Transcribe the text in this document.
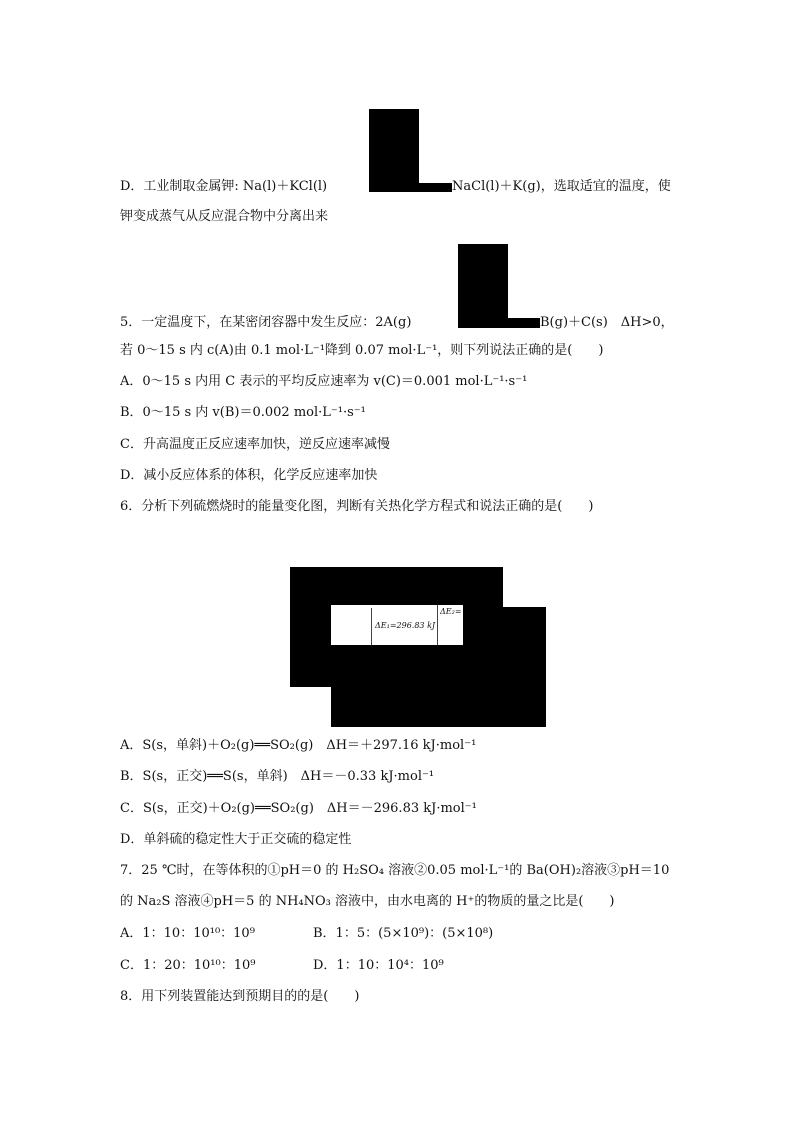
D．工业制取金属钾: Na(l)＋KCl(l)	NaCl(l)＋K(g)，选取适宜的温度，使
钾变成蒸气从反应混合物中分离出来
5．一定温度下，在某密闭容器中发生反应：2A(g)	B(g)＋C(s)　ΔH>0，
若 0～15 s 内 c(A)由 0.1 mol·L⁻¹降到 0.07 mol·L⁻¹，则下列说法正确的是(　　)
A．0～15 s 内用 C 表示的平均反应速率为 v(C)＝0.001 mol·L⁻¹·s⁻¹
B．0～15 s 内 v(B)＝0.002 mol·L⁻¹·s⁻¹
C．升高温度正反应速率加快，逆反应速率减慢
D．减小反应体系的体积，化学反应速率加快
6．分析下列硫燃烧时的能量变化图，判断有关热化学方程式和说法正确的是(　　)
ΔE₁=296.83 kJ
ΔE₂=
A．S(s，单斜)＋O₂(g)══SO₂(g)　ΔH＝＋297.16 kJ·mol⁻¹
B．S(s，正交)══S(s，单斜)　ΔH＝－0.33 kJ·mol⁻¹
C．S(s，正交)＋O₂(g)══SO₂(g)　ΔH＝－296.83 kJ·mol⁻¹
D．单斜硫的稳定性大于正交硫的稳定性
7．25 ℃时，在等体积的①pH＝0 的 H₂SO₄ 溶液②0.05 mol·L⁻¹的 Ba(OH)₂溶液③pH＝10
的 Na₂S 溶液④pH＝5 的 NH₄NO₃ 溶液中，由水电离的 H⁺的物质的量之比是(　　)
A．1：10：10¹⁰：10⁹	B．1：5：(5×10⁹)：(5×10⁸)
C．1：20：10¹⁰：10⁹	D．1：10：10⁴：10⁹
8．用下列装置能达到预期目的的是(　　)
